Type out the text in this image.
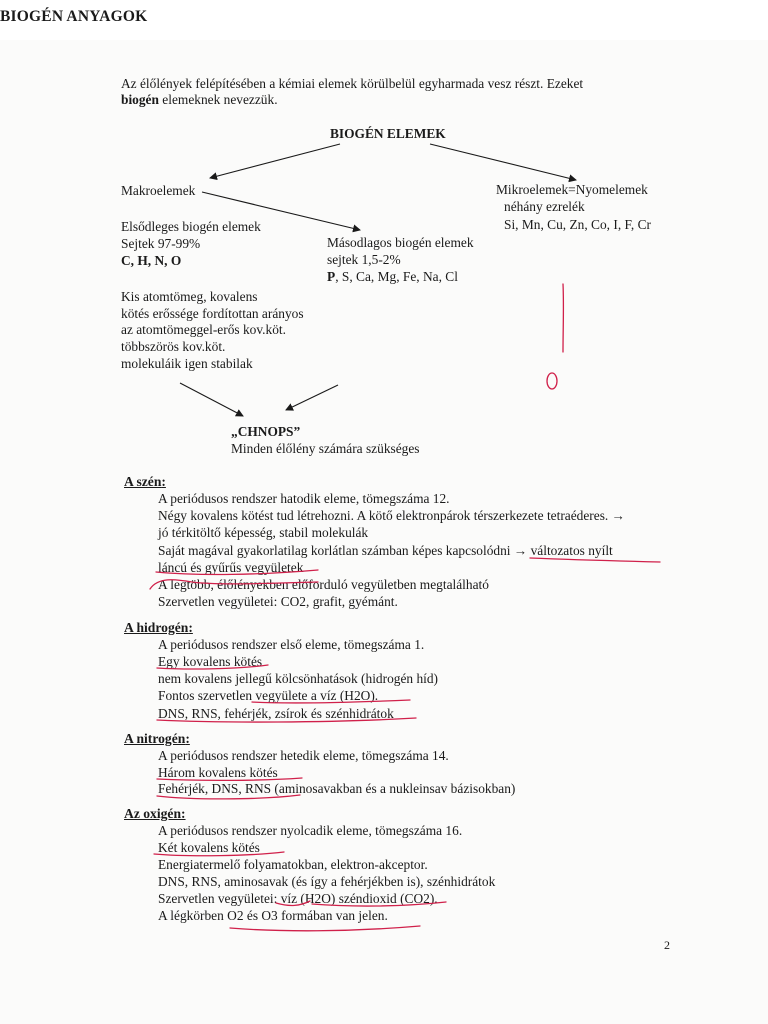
BIOGÉN ANYAGOK
Az élőlények felépítésében a kémiai elemek körülbelül egyharmada vesz részt. Ezeket
biogén elemeknek nevezzük.
BIOGÉN ELEMEK
Makroelemek	Mikroelemek=Nyomelemek
néhány ezrelék
Si, Mn, Cu, Zn, Co, I, F, Cr
Elsődleges biogén elemek
Sejtek 97-99%
C, H, N, O
Másodlagos biogén elemek
sejtek 1,5-2%
P, S, Ca, Mg, Fe, Na, Cl
Kis atomtömeg, kovalens
kötés erőssége fordítottan arányos
az atomtömeggel-erős kov.köt.
többszörös kov.köt.
molekuláik igen stabilak
„CHNOPS”
Minden élőlény számára szükséges
A szén:
A periódusos rendszer hatodik eleme, tömegszáma 12.
Négy kovalens kötést tud létrehozni. A kötő elektronpárok térszerkezete tetraéderes. →
jó térkitöltő képesség, stabil molekulák
Saját magával gyakorlatilag korlátlan számban képes kapcsolódni → változatos nyílt
láncú és gyűrűs vegyületek
A legtöbb, élőlényekben előforduló vegyületben megtalálható
Szervetlen vegyületei: CO2, grafit, gyémánt.
A hidrogén:
A periódusos rendszer első eleme, tömegszáma 1.
Egy kovalens kötés
nem kovalens jellegű kölcsönhatások (hidrogén híd)
Fontos szervetlen vegyülete a víz (H2O).
DNS, RNS, fehérjék, zsírok és szénhidrátok
A nitrogén:
A periódusos rendszer hetedik eleme, tömegszáma 14.
Három kovalens kötés
Fehérjék, DNS, RNS (aminosavakban és a nukleinsav bázisokban)
Az oxigén:
A periódusos rendszer nyolcadik eleme, tömegszáma 16.
Két kovalens kötés
Energiatermelő folyamatokban, elektron-akceptor.
DNS, RNS, aminosavak (és így a fehérjékben is), szénhidrátok
Szervetlen vegyületei: víz (H2O) széndioxid (CO2).
A légkörben O2 és O3 formában van jelen.
2
